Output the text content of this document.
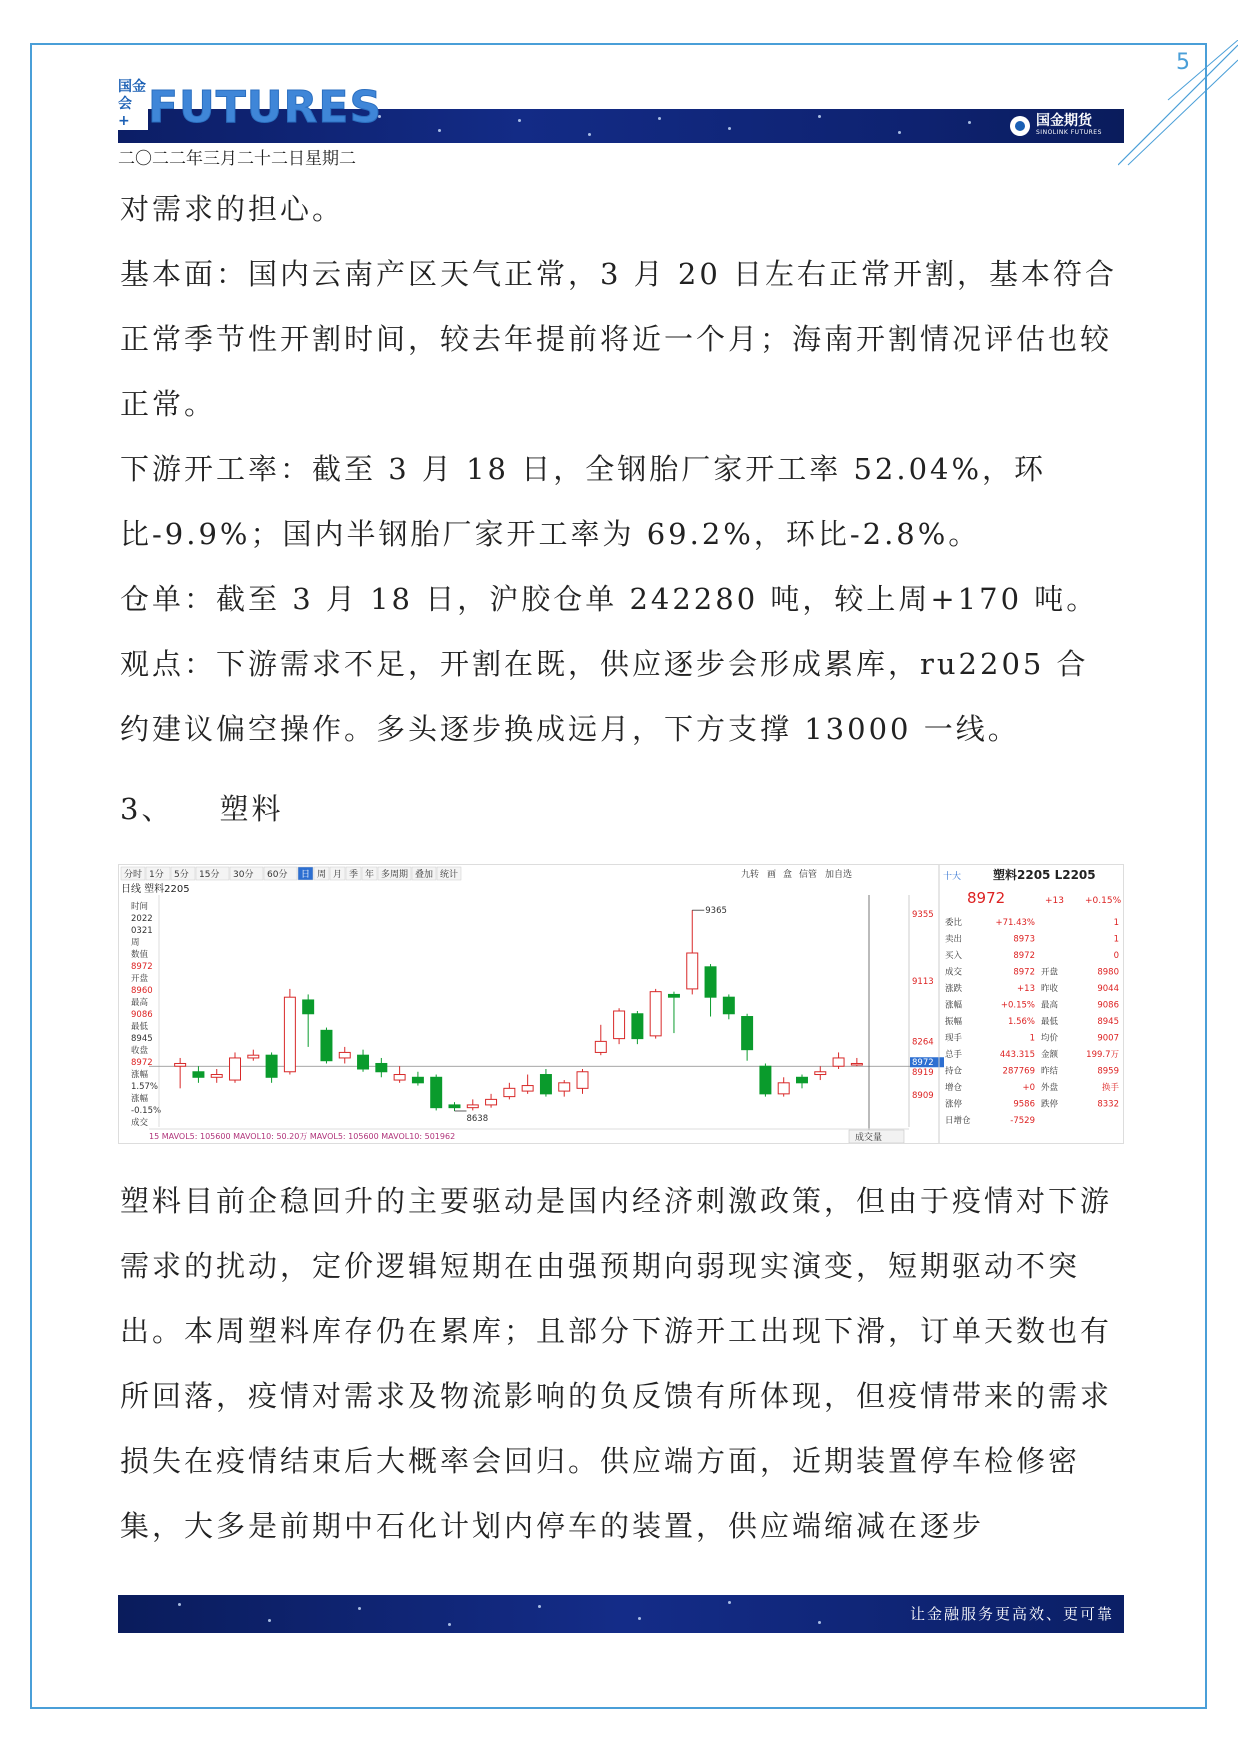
5
国金
会 + FUTURES	国金期货
SINOLINK FUTURES
二〇二二年三月二十二日星期二

对需求的担心。

基本面：国内云南产区天气正常，3 月 20 日左右正常开割，基本符合正常季节性开割时间，较去年提前将近一个月；海南开割情况评估也较正常。

下游开工率：截至 3 月 18 日，全钢胎厂家开工率 52.04%，环比-9.9%；国内半钢胎厂家开工率为 69.2%，环比-2.8%。

仓单：截至 3 月 18 日，沪胶仓单 242280 吨，较上周+170 吨。

观点：下游需求不足，开割在既，供应逐步会形成累库，ru2205 合约建议偏空操作。多头逐步换成远月，下方支撑 13000 一线。

3、 塑料
分时 1分 5分 15分 30分 60分 日 周 月 季 年 多周期 叠加 统计	九转 画 盒 信管 加自选
日线 塑料2205
时间
2022
0321
周
数值
8972
开盘
8960
最高
9086
最低
8945
收盘
8972
涨幅
1.57%
涨幅
-0.15%
成交
9355
9113
8264
8909
8972
8919
9365
8638
15 MAVOL5: 105600 MAVOL10: 50.20万 MAVOL5: 105600 MAVOL10: 501962	成交量
十大	塑料2205 L2205
8972	+13 +0.15%
委比	+71.43%	1
卖出	8973	1
买入	8972	0
成交	8972 开盘	8980
涨跌	+13 昨收	9044
涨幅	+0.15% 最高	9086
振幅	1.56% 最低	8945
现手	1 均价	9007
总手	443.315 金额	199.7万
持仓	287769 昨结	8959
增仓	+0 外盘	换手
涨停	9586 跌停	8332
日增仓	-7529

塑料目前企稳回升的主要驱动是国内经济刺激政策，但由于疫情对下游需求的扰动，定价逻辑短期在由强预期向弱现实演变，短期驱动不突出。本周塑料库存仍在累库；且部分下游开工出现下滑，订单天数也有所回落，疫情对需求及物流影响的负反馈有所体现，但疫情带来的需求损失在疫情结束后大概率会回归。供应端方面，近期装置停车检修密集，大多是前期中石化计划内停车的装置，供应端缩减在逐步

让金融服务更高效、更可靠
